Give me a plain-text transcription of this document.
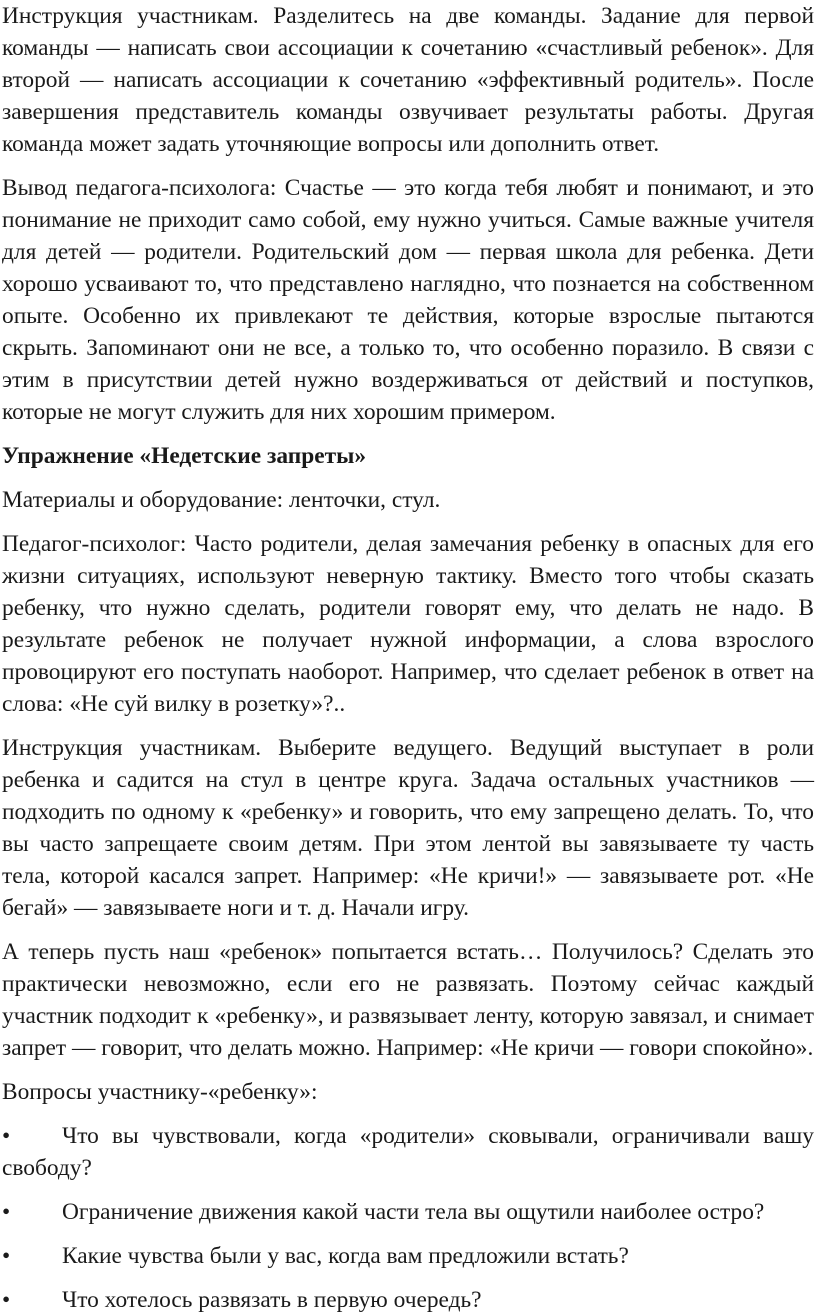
Инструкция участникам. Разделитесь на две команды. Задание для первой команды — написать свои ассоциации к сочетанию «счастливый ребенок». Для второй — написать ассоциации к сочетанию «эффективный родитель». После завершения представитель команды озвучивает результаты работы. Другая команда может задать уточняющие вопросы или дополнить ответ.

Вывод педагога-психолога: Счастье — это когда тебя любят и понимают, и это понимание не приходит само собой, ему нужно учиться. Самые важные учителя для детей — родители. Родительский дом — первая школа для ребенка. Дети хорошо усваивают то, что представлено наглядно, что познается на собственном опыте. Особенно их привлекают те действия, которые взрослые пытаются скрыть. Запоминают они не все, а только то, что особенно поразило. В связи с этим в присутствии детей нужно воздерживаться от действий и поступков, которые не могут служить для них хорошим примером.

Упражнение «Недетские запреты»

Материалы и оборудование: ленточки, стул.

Педагог-психолог: Часто родители, делая замечания ребенку в опасных для его жизни ситуациях, используют неверную тактику. Вместо того чтобы сказать ребенку, что нужно сделать, родители говорят ему, что делать не надо. В результате ребенок не получает нужной информации, а слова взрослого провоцируют его поступать наоборот. Например, что сделает ребенок в ответ на слова: «Не суй вилку в розетку»?..

Инструкция участникам. Выберите ведущего. Ведущий выступает в роли ребенка и садится на стул в центре круга. Задача остальных участников — подходить по одному к «ребенку» и говорить, что ему запрещено делать. То, что вы часто запрещаете своим детям. При этом лентой вы завязываете ту часть тела, которой касался запрет. Например: «Не кричи!» — завязываете рот. «Не бегай» — завязываете ноги и т. д. Начали игру.

А теперь пусть наш «ребенок» попытается встать… Получилось? Сделать это практически невозможно, если его не развязать. Поэтому сейчас каждый участник подходит к «ребенку», и развязывает ленту, которую завязал, и снимает запрет — говорит, что делать можно. Например: «Не кричи — говори спокойно».

Вопросы участнику-«ребенку»:

• Что вы чувствовали, когда «родители» сковывали, ограничивали вашу свободу?

• Ограничение движения какой части тела вы ощутили наиболее остро?

• Какие чувства были у вас, когда вам предложили встать?

• Что хотелось развязать в первую очередь?
